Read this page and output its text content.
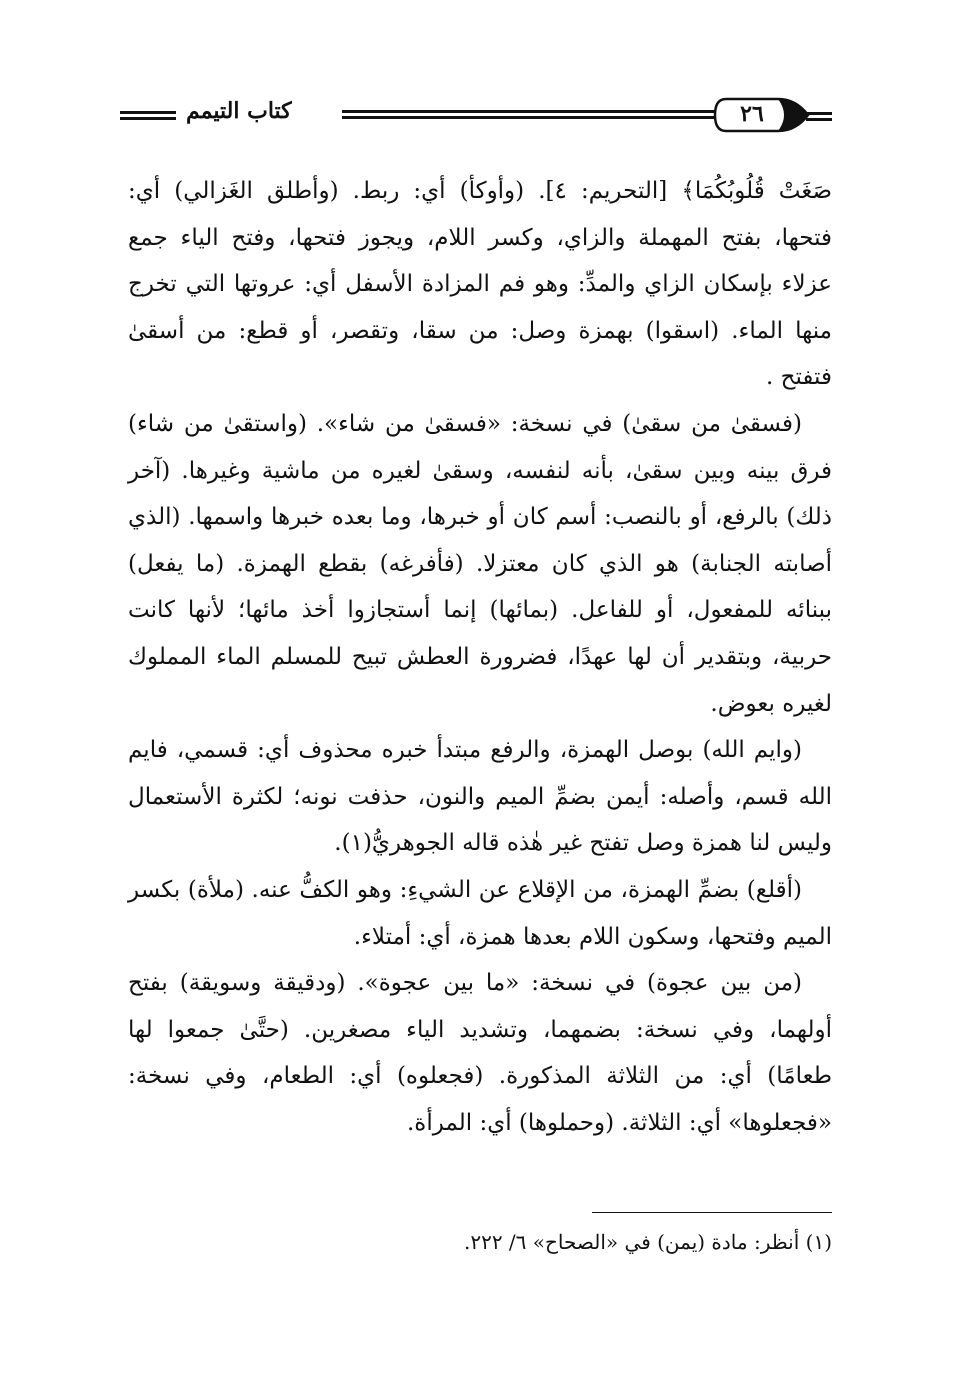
كتاب التيمم	٢٦

صَغَتْ قُلُوبُكُمَا﴾ [التحريم: ٤]. (وأوكأ) أي: ربط. (وأطلق الغَزالي) أي: فتحها، بفتح المهملة والزاي، وكسر اللام، ويجوز فتحها، وفتح الياء جمع عزلاء بإسكان الزاي والمدِّ: وهو فم المزادة الأسفل أي: عروتها التي تخرج منها الماء. (اسقوا) بهمزة وصل: من سقا، وتقصر، أو قطع: من أسقىٰ فتفتح .

(فسقىٰ من سقىٰ) في نسخة: «فسقىٰ من شاء». (واستقىٰ من شاء) فرق بينه وبين سقىٰ، بأنه لنفسه، وسقىٰ لغيره من ماشية وغيرها. (آخر ذلك) بالرفع، أو بالنصب: أسم كان أو خبرها، وما بعده خبرها واسمها. (الذي أصابته الجنابة) هو الذي كان معتزلا. (فأفرغه) بقطع الهمزة. (ما يفعل) ببنائه للمفعول، أو للفاعل. (بمائها) إنما أستجازوا أخذ مائها؛ لأنها كانت حربية، وبتقدير أن لها عهدًا، فضرورة العطش تبيح للمسلم الماء المملوك لغيره بعوض.

(وايم الله) بوصل الهمزة، والرفع مبتدأ خبره محذوف أي: قسمي، فايم الله قسم، وأصله: أيمن بضمِّ الميم والنون، حذفت نونه؛ لكثرة الأستعمال وليس لنا همزة وصل تفتح غير هٰذه قاله الجوهريُّ(١).

(أقلع) بضمِّ الهمزة، من الإقلاع عن الشيءِ: وهو الكفُّ عنه. (ملأة) بكسر الميم وفتحها، وسكون اللام بعدها همزة، أي: أمتلاء.

(من بين عجوة) في نسخة: «ما بين عجوة». (ودقيقة وسويقة) بفتح أولهما، وفي نسخة: بضمهما، وتشديد الياء مصغرين. (حتَّىٰ جمعوا لها طعامًا) أي: من الثلاثة المذكورة. (فجعلوه) أي: الطعام، وفي نسخة: «فجعلوها» أي: الثلاثة. (وحملوها) أي: المرأة.

(١) أنظر: مادة (يمن) في «الصحاح» ٦/ ٢٢٢.
